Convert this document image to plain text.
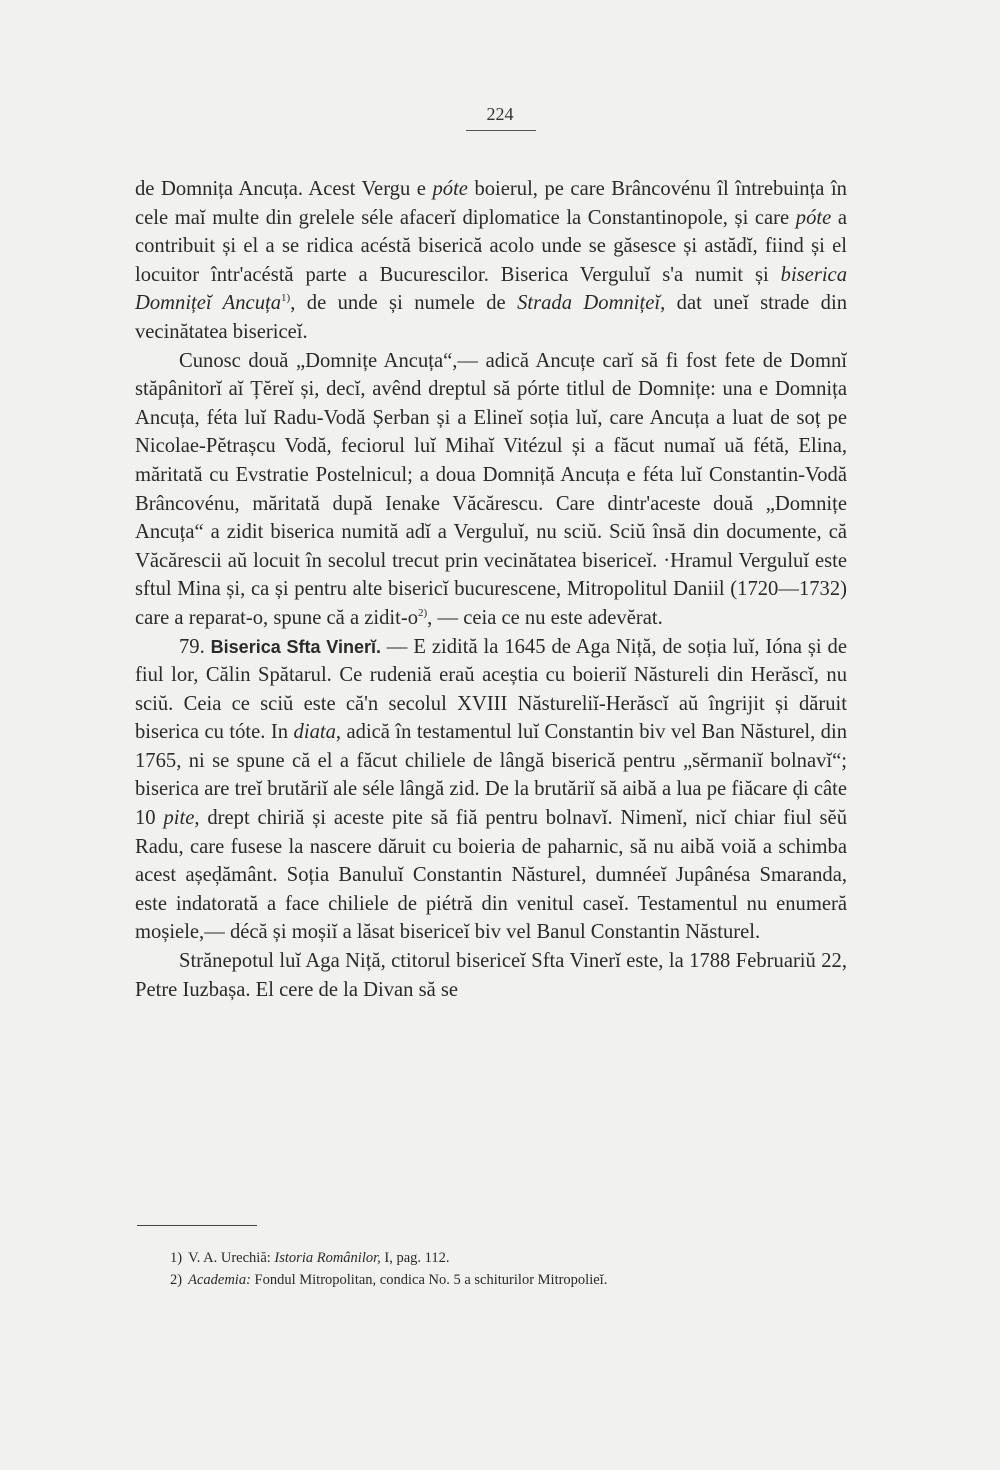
224

de Domnița Ancuța. Acest Vergu e póte boierul, pe care Brâncovénu îl întrebuința în cele maĭ multe din grelele séle afacerĭ diplomatice la Constantinopole, și care póte a contribuit și el a se ridica acéstă biserică acolo unde se găsesce și astădĭ, fiind și el locuitor într'acéstă parte a Bucurescilor. Biserica Verguluĭ s'a numit și biserica Domnițeĭ Ancuța$^{1)}$, de unde și numele de Strada Domnițeĭ, dat uneĭ strade din vecinătatea bisericeĭ.

Cunosc două „Domnițe Ancuța“,— adică Ancuțe carĭ să fi fost fete de Domnĭ stăpânitorĭ aĭ Țĕreĭ și, decĭ, avênd dreptul să pórte titlul de Domnițe: una e Domnița Ancuța, féta luĭ Radu-Vodă Șerban și a Elineĭ soția luĭ, care Ancuța a luat de soț pe Nicolae-Pĕtrașcu Vodă, feciorul luĭ Mihaĭ Vitézul și a făcut numaĭ uă fétă, Elina, măritată cu Evstratie Postelnicul; a doua Domniță Ancuța e féta luĭ Constantin-Vodă Brâncovénu, măritată după Ienake Văcărescu. Care dintr'aceste două „Domnițe Ancuța“ a zidit biserica numită adĭ a Verguluĭ, nu sciŭ. Sciŭ însă din documente, că Văcărescii aŭ locuit în secolul trecut prin vecinătatea bisericeĭ. ·Hramul Verguluĭ este sftul Mina și, ca și pentru alte bisericĭ bucurescene, Mitropolitul Daniil (1720—1732) care a reparat-o, spune că a zidit-$o^{2)}$, — ceia ce nu este adevĕrat.

79. Biserica Sfta Vinerĭ. — E zidită la 1645 de Aga Niță, de soția luĭ, Ióna și de fiul lor, Călin Spătarul. Ce rudeniă eraŭ aceștia cu boieriĭ Năstureli din Herăscĭ, nu sciŭ. Ceia ce sciŭ este că'n secolul XVIII Năstureliĭ-Herăscĭ aŭ îngrijit și dăruit biserica cu tóte. In diata, adică în testamentul luĭ Constantin biv vel Ban Năsturel, din 1765, ni se spune că el a făcut chiliele de lângă biserică pentru „sĕrmaniĭ bolnavĭ“; biserica are treĭ brutăriĭ ale séle lângă zid. De la brutăriĭ să aibă a lua pe fiăcare ḑi câte 10 pite, drept chiriă și aceste pite să fiă pentru bolnavĭ. Nimenĭ, nicĭ chiar fiul sĕŭ Radu, care fusese la nascere dăruit cu boieria de paharnic, să nu aibă voiă a schimba acest așeḑământ. Soția Banuluĭ Constantin Năsturel, dumnéeĭ Jupânésa Smaranda, este indatorată a face chiliele de piétră din venitul caseĭ. Testamentul nu enumeră moșiele,— décă și moșiĭ a lăsat bisericeĭ biv vel Banul Constantin Năsturel.

Strănepotul luĭ Aga Niță, ctitorul bisericeĭ Sfta Vinerĭ este, la 1788 Februariŭ 22, Petre Iuzbașa. El cere de la Divan să se

1) V. A. Urechiă: Istoria Românilor, I, pag. 112.
2) Academia: Fondul Mitropolitan, condica No. 5 a schiturilor Mitropolieĭ.
